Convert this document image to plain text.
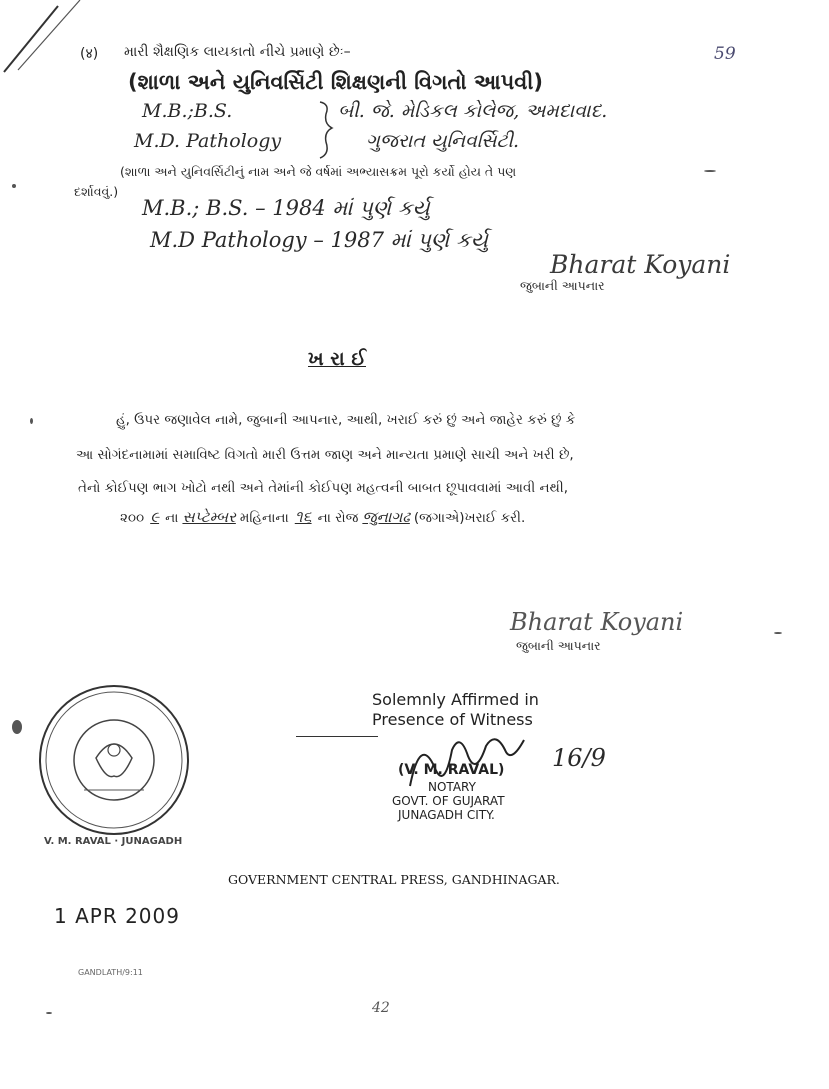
59
(४) મારી શૈક્ષણિક લાયકાતો નીચે પ્રમાણે છેઃ–
(શાળા અને યુનિવર્સિટી શિક્ષણની વિગતો આપવી)
M.B.;B.S.	બી. જે. મેડિકલ કોલેજ, અમદાવાદ.
M.D. Pathology	ગુજરાત યુનિવર્સિટી.
(શાળા અને યુનિવર્સિટીનું નામ અને જે વર્ષમાં અભ્યાસક્રમ પૂરો કર્યો હોય તે પણ
દર્શાવવું.)
M.B.; B.S. – 1984 માં પુર્ણ કર્યુ
M.D Pathology – 1987 માં પુર્ણ કર્યુ
Bharat Koyani
જુબાની આપનાર
ખ રા ઈ
હું, ઉપર જણાવેલ નામે, જુબાની આપનાર, આથી, ખરાઈ કરું છું અને જાહેર કરું છું કે
આ સોગંદનામામાં સમાવિષ્ટ વિગતો મારી ઉત્તમ જાણ અને માન્યતા પ્રમાણે સાચી અને ખરી છે,
તેનો કોઈપણ ભાગ ખોટો નથી અને તેમાંની કોઈપણ મહત્વની બાબત છૂપાવવામાં આવી નથી,
૨૦૦ ૯ ના સપ્ટેમ્બર મહિનાના ૧૬ ના રોજ જુનાગઢ (જગાએ)ખરાઈ કરી.
Bharat Koyani
જુબાની આપનાર
V. M. RAVAL · JUNAGADH
Solemnly Affirmed in
Presence of Witness
(V. M. RAVAL)
NOTARY
GOVT. OF GUJARAT
JUNAGADH CITY.
16/9
GOVERNMENT CENTRAL PRESS, GANDHINAGAR.
1 APR 2009
GANDLATH/9:11
42
